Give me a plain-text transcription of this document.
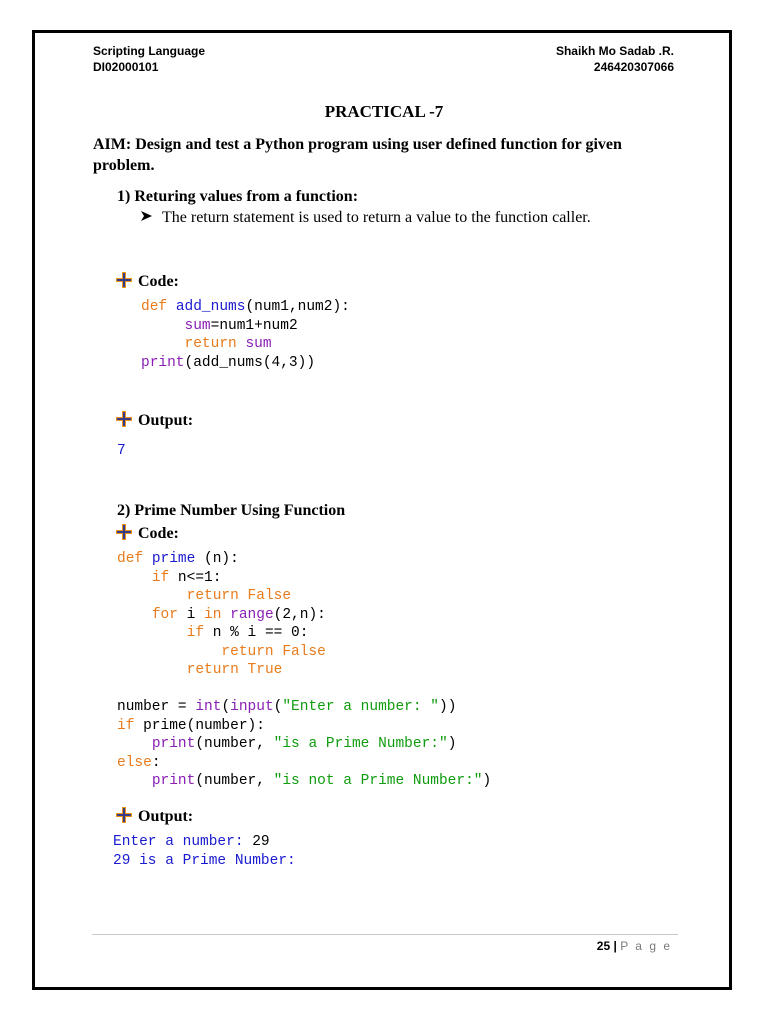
Scripting Language
DI02000101
Shaikh Mo Sadab .R.
246420307066
PRACTICAL -7
AIM: Design and test a Python program using user defined function for given problem.
1) Returing values from a function:
The return statement is used to return a value to the function caller.
Code:
def add_nums(num1,num2):
sum=num1+num2
return sum
print(add_nums(4,3))
Output:
7
2) Prime Number Using Function
Code:
def prime (n):
if n<=1:
return False
for i in range(2,n):
if n % i == 0:
return False
return True

number = int(input("Enter a number: "))
if prime(number):
print(number, "is a Prime Number:")
else:
print(number, "is not a Prime Number:")
Output:
Enter a number: 29
29 is a Prime Number:
25 | P a g e
